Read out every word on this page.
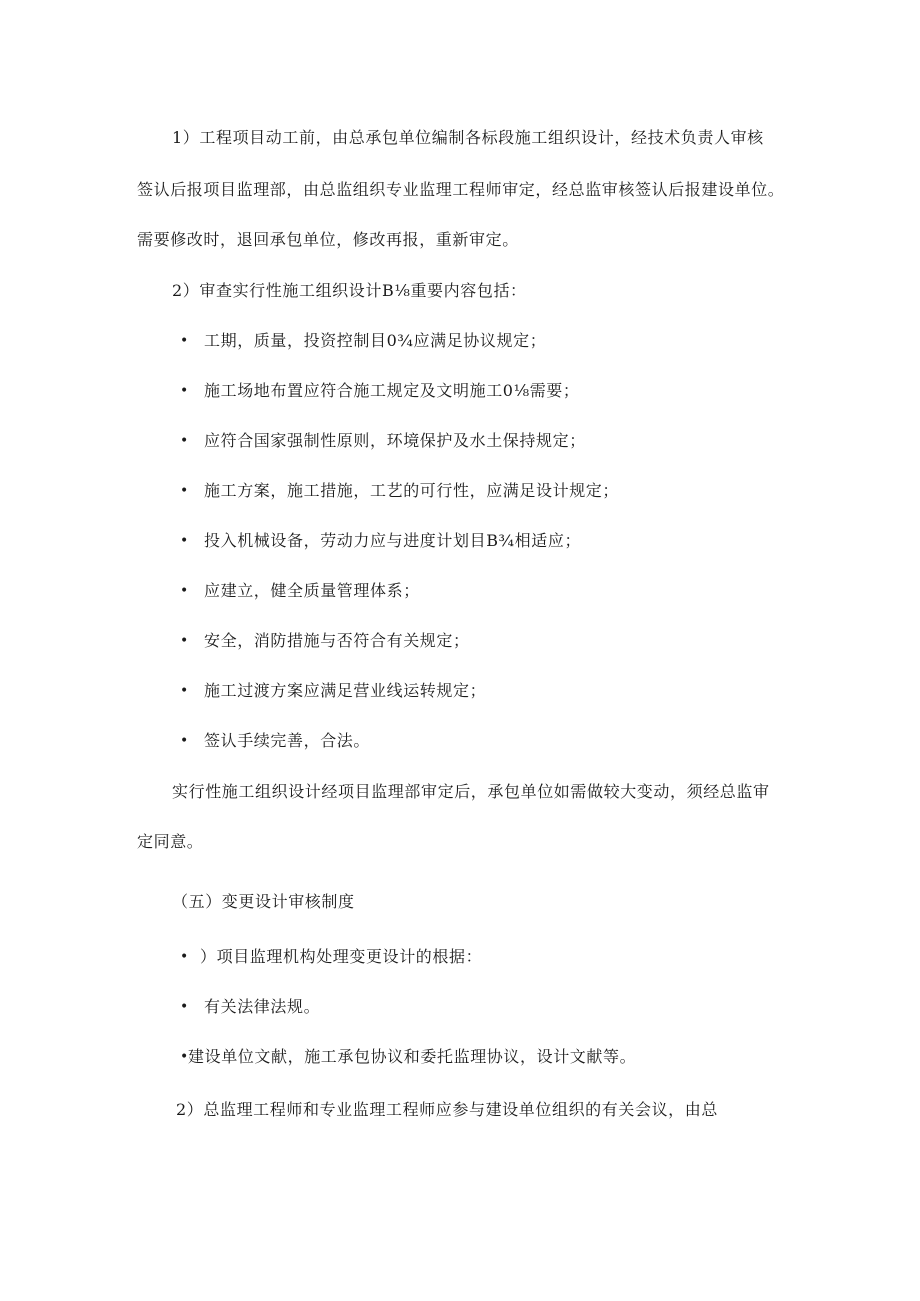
1）工程项目动工前，由总承包单位编制各标段施工组织设计，经技术负责人审核
签认后报项目监理部，由总监组织专业监理工程师审定，经总监审核签认后报建设单位。
需要修改时，退回承包单位，修改再报，重新审定。
2）审查实行性施工组织设计B⅛重要内容包括：
• 工期，质量，投资控制目0¾应满足协议规定；
• 施工场地布置应符合施工规定及文明施工0⅛需要；
• 应符合国家强制性原则，环境保护及水土保持规定；
• 施工方案，施工措施，工艺的可行性，应满足设计规定；
• 投入机械设备，劳动力应与进度计划目B¾相适应；
• 应建立，健全质量管理体系；
• 安全，消防措施与否符合有关规定；
• 施工过渡方案应满足营业线运转规定；
• 签认手续完善，合法。
实行性施工组织设计经项目监理部审定后，承包单位如需做较大变动，须经总监审
定同意。
（五）变更设计审核制度
• ）项目监理机构处理变更设计的根据：
• 有关法律法规。
• 建设单位文献，施工承包协议和委托监理协议，设计文献等。
2）总监理工程师和专业监理工程师应参与建设单位组织的有关会议，由总
